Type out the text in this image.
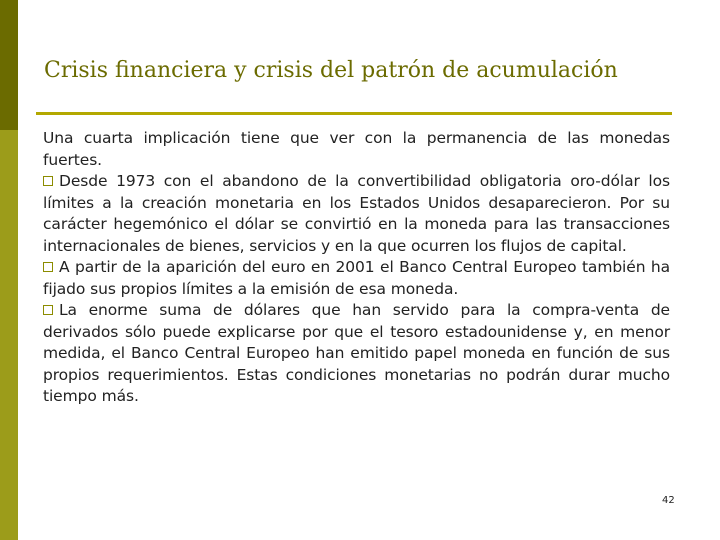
Crisis financiera y crisis del patrón de acumulación

Una cuarta implicación tiene que ver con la permanencia de las monedas fuertes.

Desde 1973 con el abandono de la convertibilidad obligatoria oro-dólar los límites a la creación monetaria en los Estados Unidos desaparecieron. Por su carácter hegemónico el dólar se convirtió en la moneda para las transacciones internacionales de bienes, servicios y en la que ocurren los flujos de capital.

A partir de la aparición del euro en 2001 el Banco Central Europeo también ha fijado sus propios límites a la emisión de esa moneda.

La enorme suma de dólares que han servido para la compra-venta de derivados sólo puede explicarse por que el tesoro estadounidense y, en menor medida, el Banco Central Europeo han emitido papel moneda en función de sus propios requerimientos. Estas condiciones monetarias no podrán durar mucho tiempo más.

42
